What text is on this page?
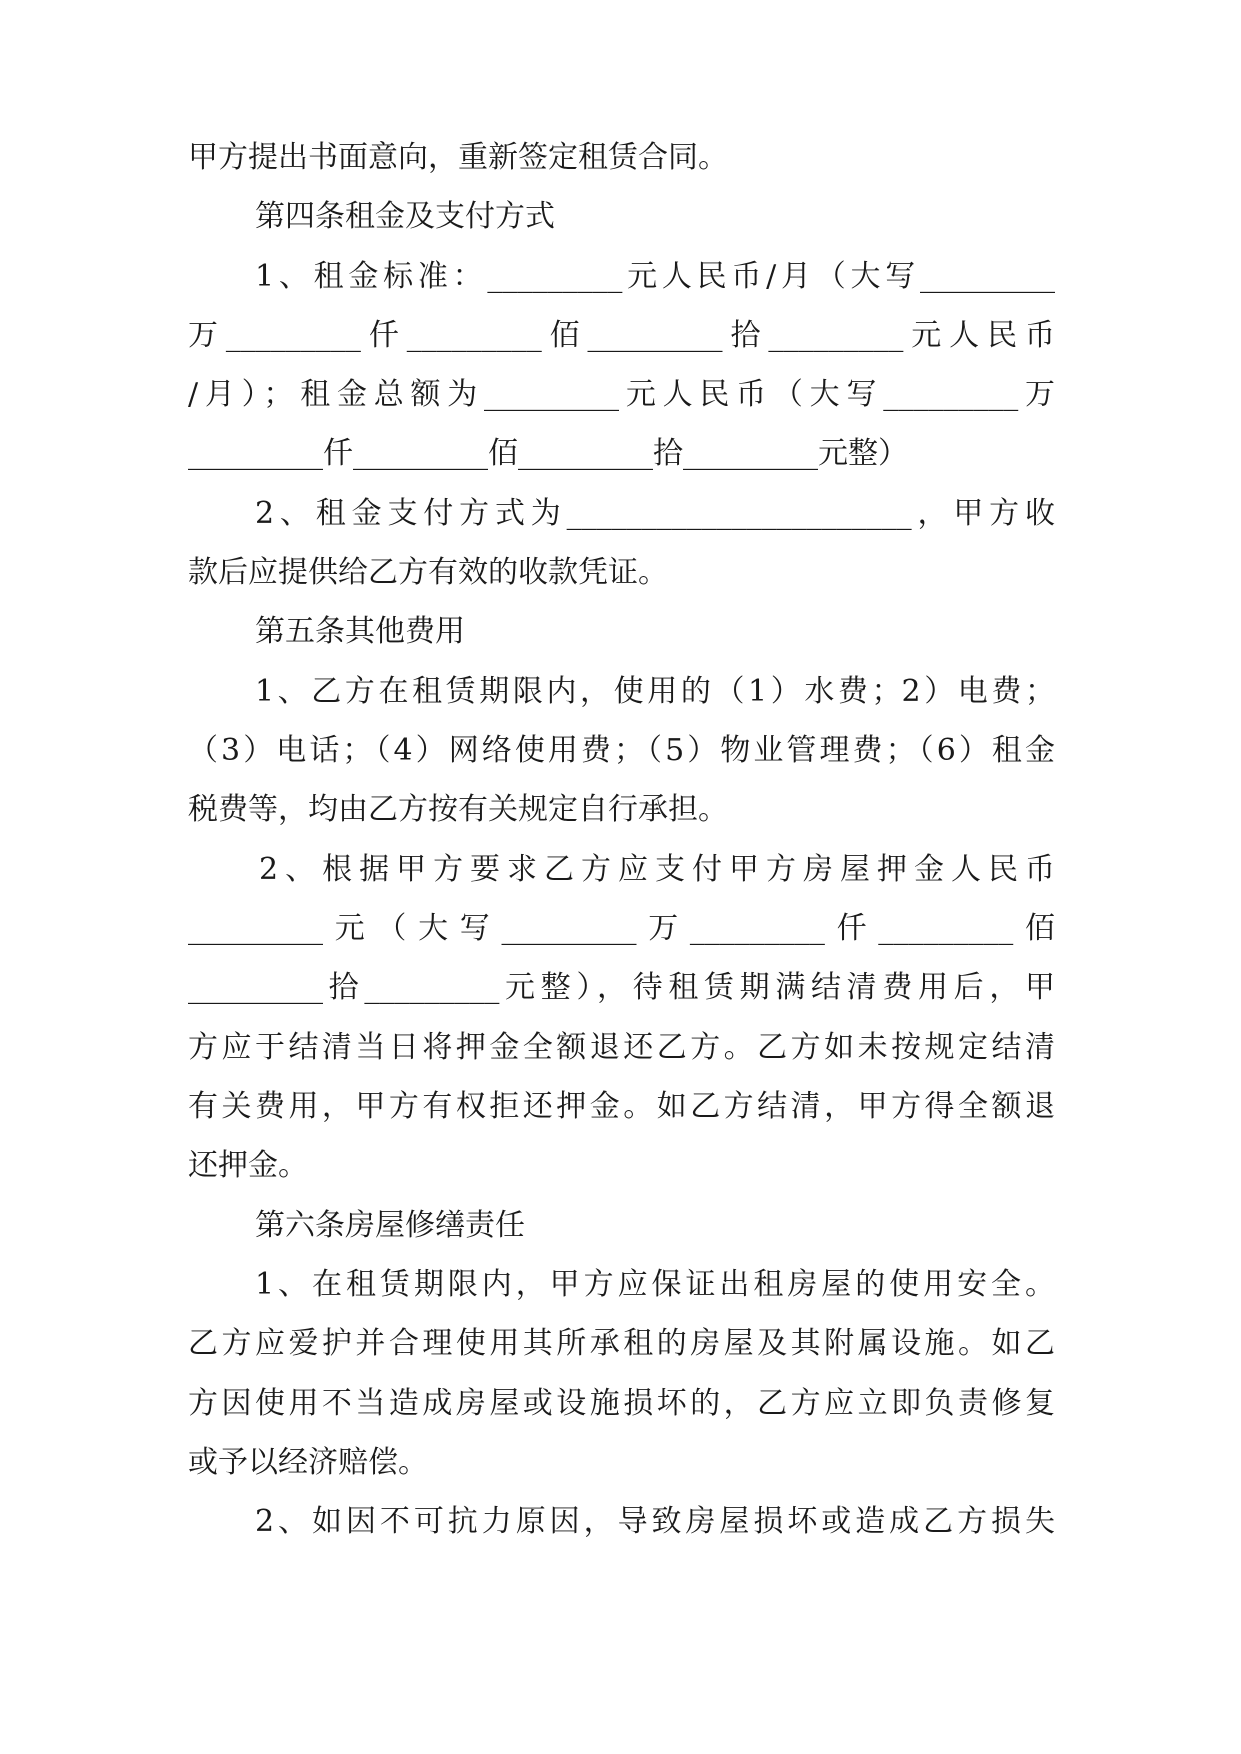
甲方提出书面意向，重新签定租赁合同。
第四条租金及支付方式
1、租金标准：_________元人民币/月（大写_________
万_________仟_________佰_________拾_________元人民币
/月）；租金总额为_________元人民币（大写_________万
_________仟_________佰_________拾_________元整）
2、租金支付方式为_______________________，甲方收
款后应提供给乙方有效的收款凭证。
第五条其他费用
1、乙方在租赁期限内，使用的（1）水费；2）电费；
（3）电话；（4）网络使用费；（5）物业管理费；（6）租金
税费等，均由乙方按有关规定自行承担。
2、根据甲方要求乙方应支付甲方房屋押金人民币
_________元（大写_________万_________仟_________佰
_________拾_________元整），待租赁期满结清费用后，甲
方应于结清当日将押金全额退还乙方。乙方如未按规定结清
有关费用，甲方有权拒还押金。如乙方结清，甲方得全额退
还押金。
第六条房屋修缮责任
1、在租赁期限内，甲方应保证出租房屋的使用安全。
乙方应爱护并合理使用其所承租的房屋及其附属设施。如乙
方因使用不当造成房屋或设施损坏的，乙方应立即负责修复
或予以经济赔偿。
2、如因不可抗力原因，导致房屋损坏或造成乙方损失
